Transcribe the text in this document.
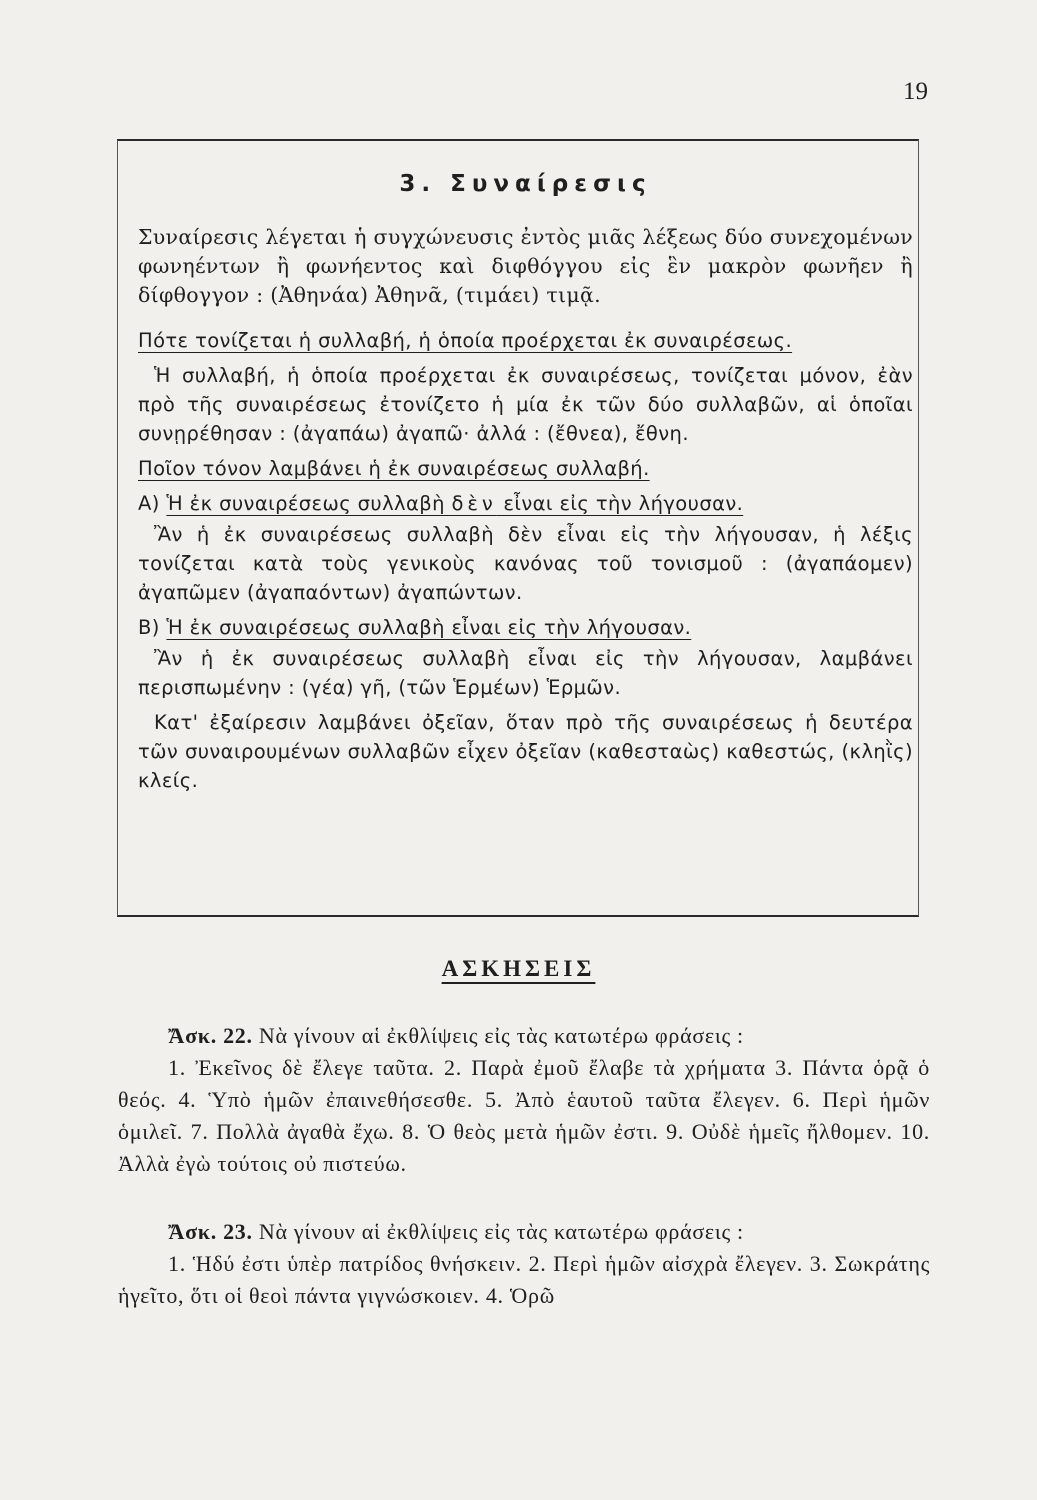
19
3. Συναίρεσις

Συναίρεσις λέγεται ἡ συγχώνευσις ἐντὸς μιᾶς λέξεως δύο συνεχομένων φωνηέντων ἢ φωνήεντος καὶ διφθόγγου εἰς ἓν μακρὸν φωνῆεν ἢ δίφθογγον : (Ἀθηνάα) Ἀθηνᾶ, (τιμάει) τιμᾷ.

Πότε τονίζεται ἡ συλλαβή, ἡ ὁποία προέρχεται ἐκ συναιρέσεως.

Ἡ συλλαβή, ἡ ὁποία προέρχεται ἐκ συναιρέσεως, τονίζεται μόνον, ἐὰν πρὸ τῆς συναιρέσεως ἐτονίζετο ἡ μία ἐκ τῶν δύο συλλαβῶν, αἱ ὁποῖαι συνῃρέθησαν : (ἀγαπάω) ἀγαπῶ· ἀλλά : (ἔθνεα), ἔθνη.

Ποῖον τόνον λαμβάνει ἡ ἐκ συναιρέσεως συλλαβή.

Α) Ἡ ἐκ συναιρέσεως συλλαβὴ δὲν εἶναι εἰς τὴν λήγουσαν.

Ἂν ἡ ἐκ συναιρέσεως συλλαβὴ δὲν εἶναι εἰς τὴν λήγουσαν, ἡ λέξις τονίζεται κατὰ τοὺς γενικοὺς κανόνας τοῦ τονισμοῦ : (ἀγαπάομεν) ἀγαπῶμεν (ἀγαπαόντων) ἀγαπώντων.

Β) Ἡ ἐκ συναιρέσεως συλλαβὴ εἶναι εἰς τὴν λήγουσαν.

Ἂν ἡ ἐκ συναιρέσεως συλλαβὴ εἶναι εἰς τὴν λήγουσαν, λαμβάνει περισπωμένην : (γέα) γῆ, (τῶν Ἑρμέων) Ἑρμῶν.

Κατ' ἐξαίρεσιν λαμβάνει ὀξεῖαν, ὅταν πρὸ τῆς συναιρέσεως ἡ δευτέρα τῶν συναιρουμένων συλλαβῶν εἶχεν ὀξεῖαν (καθεσταὼς) καθεστώς, (κληῒς) κλείς.

ΑΣΚΗΣΕΙΣ

Ἄσκ. 22. Νὰ γίνουν αἱ ἐκθλίψεις εἰς τὰς κατωτέρω φράσεις :

1. Ἐκεῖνος δὲ ἔλεγε ταῦτα. 2. Παρὰ ἐμοῦ ἔλαβε τὰ χρήματα 3. Πάντα ὁρᾷ ὁ θεός. 4. Ὑπὸ ἡμῶν ἐπαινεθήσεσθε. 5. Ἀπὸ ἑαυτοῦ ταῦτα ἔλεγεν. 6. Περὶ ἡμῶν ὁμιλεῖ. 7. Πολλὰ ἀγαθὰ ἔχω. 8. Ὁ θεὸς μετὰ ἡμῶν ἐστι. 9. Οὐδὲ ἡμεῖς ἤλθομεν. 10. Ἀλλὰ ἐγὼ τούτοις οὐ πιστεύω.

Ἄσκ. 23. Νὰ γίνουν αἱ ἐκθλίψεις εἰς τὰς κατωτέρω φράσεις :

1. Ἡδύ ἐστι ὑπὲρ πατρίδος θνήσκειν. 2. Περὶ ἡμῶν αἰσχρὰ ἔλεγεν. 3. Σωκράτης ἡγεῖτο, ὅτι οἱ θεοὶ πάντα γιγνώσκοιεν. 4. Ὁρῶ
